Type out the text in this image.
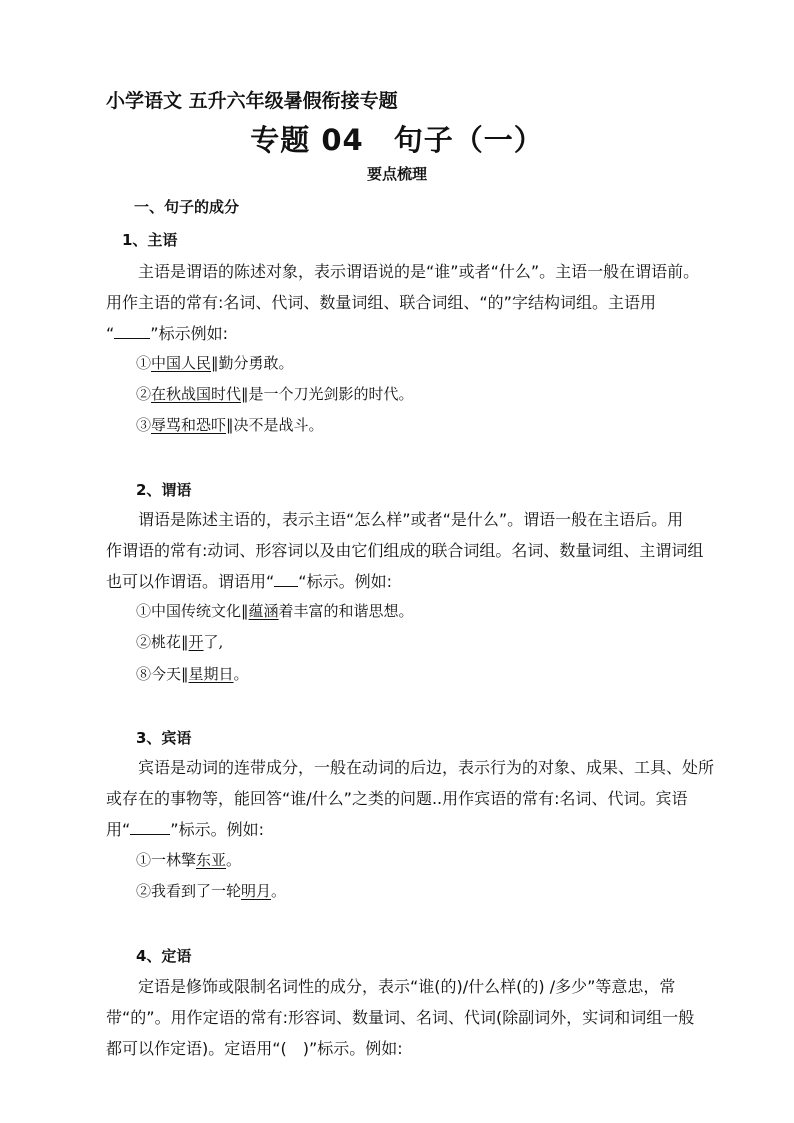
小学语文 五升六年级暑假衔接专题
专题 04　句子（一）
要点梳理
一、句子的成分
1、主语
主语是谓语的陈述对象，表示谓语说的是“谁”或者“什么”。主语一般在谓语前。
用作主语的常有:名词、代词、数量词组、联合词组、“的”字结构词组。主语用
“ ”标示例如:
①中国人民‖勤分勇敢。
②在秋战国时代‖是一个刀光剑影的时代。
③辱骂和恐吓‖决不是战斗。
2、谓语
谓语是陈述主语的，表示主语“怎么样”或者“是什么”。谓语一般在主语后。用
作谓语的常有:动词、形容词以及由它们组成的联合词组。名词、数量词组、主谓词组
也可以作谓语。谓语用“ “标示。例如:
①中国传统文化‖蕴涵着丰富的和谐思想。
②桃花‖开了,
⑧今天‖星期日。
3、宾语
宾语是动词的连带成分，一般在动词的后边，表示行为的对象、成果、工具、处所
或存在的事物等，能回答“谁/什么”之类的问题..用作宾语的常有:名词、代词。宾语
用“	”标示。例如:
①一林擎东亚。
②我看到了一轮明月。
4、定语
定语是修饰或限制名词性的成分，表示“谁(的)/什么样(的) /多少”等意忠，常
带“的”。用作定语的常有:形容词、数量词、名词、代词(除副词外，实词和词组一般
都可以作定语)。定语用“(　)”标示。例如:
